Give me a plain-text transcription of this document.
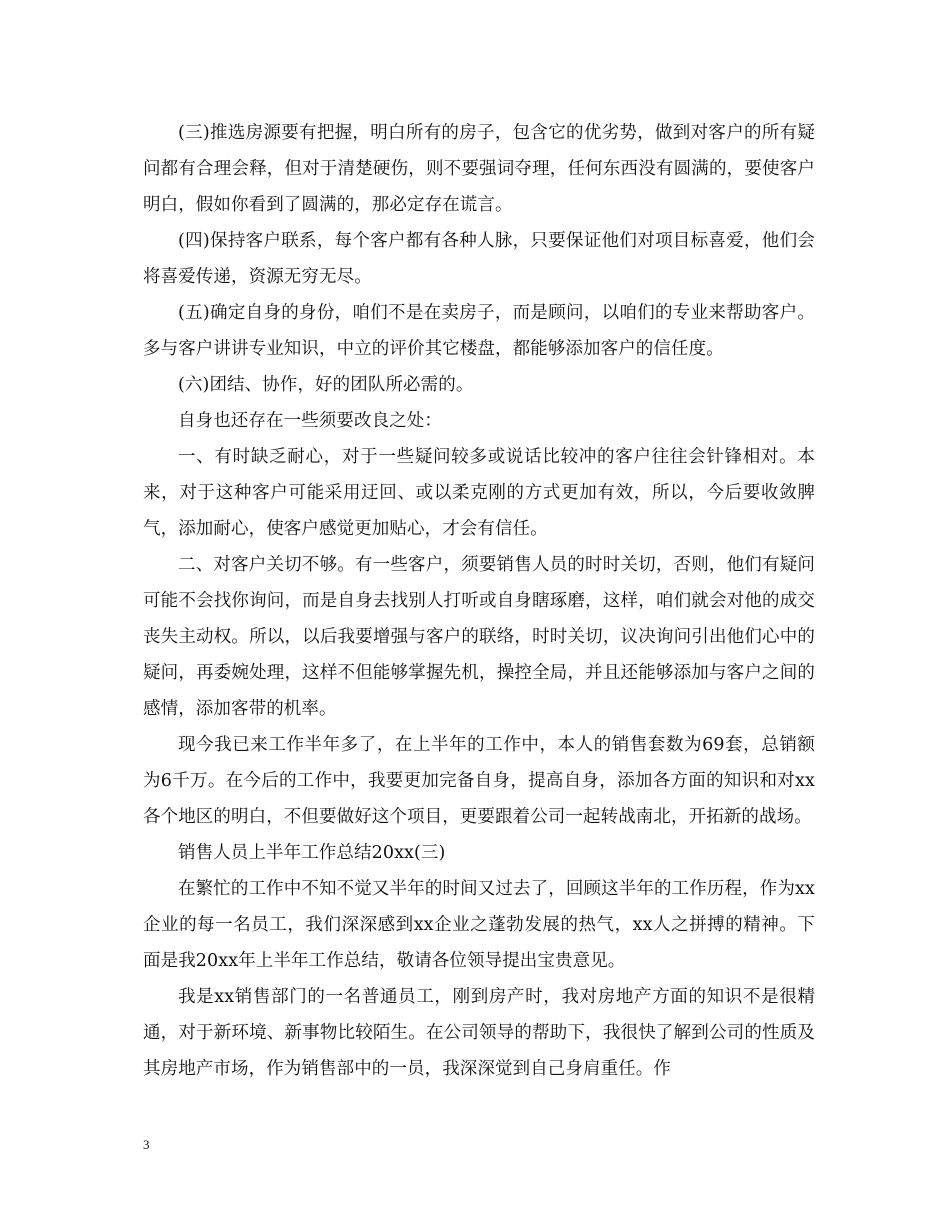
(三)推选房源要有把握，明白所有的房子，包含它的优劣势，做到对客户的所有疑问都有合理会释，但对于清楚硬伤，则不要强词夺理，任何东西没有圆满的，要使客户明白，假如你看到了圆满的，那必定存在谎言。

(四)保持客户联系，每个客户都有各种人脉，只要保证他们对项目标喜爱，他们会将喜爱传递，资源无穷无尽。

(五)确定自身的身份，咱们不是在卖房子，而是顾问，以咱们的专业来帮助客户。多与客户讲讲专业知识，中立的评价其它楼盘，都能够添加客户的信任度。

(六)团结、协作，好的团队所必需的。

自身也还存在一些须要改良之处：

一、有时缺乏耐心，对于一些疑问较多或说话比较冲的客户往往会针锋相对。本来，对于这种客户可能采用迂回、或以柔克刚的方式更加有效，所以，今后要收敛脾气，添加耐心，使客户感觉更加贴心，才会有信任。

二、对客户关切不够。有一些客户，须要销售人员的时时关切，否则，他们有疑问可能不会找你询问，而是自身去找别人打听或自身瞎琢磨，这样，咱们就会对他的成交丧失主动权。所以，以后我要增强与客户的联络，时时关切，议决询问引出他们心中的疑问，再委婉处理，这样不但能够掌握先机，操控全局，并且还能够添加与客户之间的感情，添加客带的机率。

现今我已来工作半年多了，在上半年的工作中，本人的销售套数为69套，总销额为6千万。在今后的工作中，我要更加完备自身，提高自身，添加各方面的知识和对xx各个地区的明白，不但要做好这个项目，更要跟着公司一起转战南北，开拓新的战场。

销售人员上半年工作总结20xx(三)

在繁忙的工作中不知不觉又半年的时间又过去了，回顾这半年的工作历程，作为xx企业的每一名员工，我们深深感到xx企业之蓬勃发展的热气，xx人之拼搏的精神。下面是我20xx年上半年工作总结，敬请各位领导提出宝贵意见。

我是xx销售部门的一名普通员工，刚到房产时，我对房地产方面的知识不是很精通，对于新环境、新事物比较陌生。在公司领导的帮助下，我很快了解到公司的性质及其房地产市场，作为销售部中的一员，我深深觉到自己身肩重任。作

3
